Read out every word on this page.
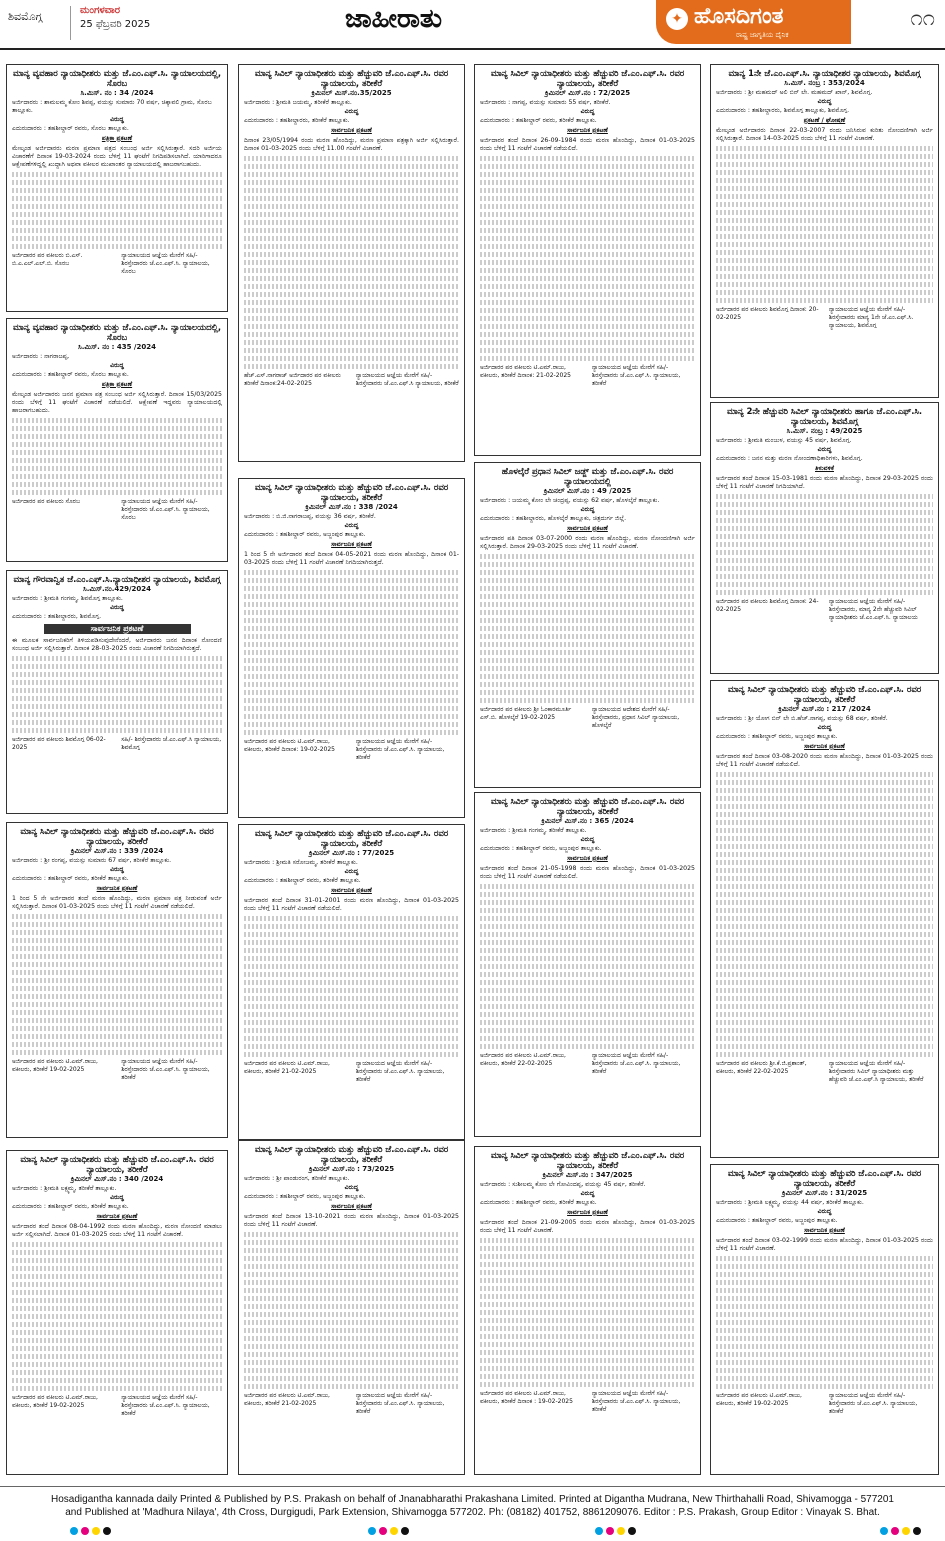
ಶಿವಮೊಗ್ಗ	ಮಂಗಳವಾರ
25 ಫೆಬ್ರವರಿ 2025	ಜಾಹೀರಾತು	✦ ಹೊಸದಿಗಂತ
ರಾಷ್ಟ್ರ ಜಾಗೃತಿಯ ದೈನಿಕ
೧೧
ಮಾನ್ಯ ವ್ಯವಹಾರ ನ್ಯಾಯಾಧೀಶರು ಮತ್ತು ಜೆ.ಎಂ.ಎಫ್.ಸಿ. ನ್ಯಾಯಾಲಯದಲ್ಲಿ, ಸೊರಬ
ಸಿ.ಮಿಸ್. ನಂ : 34 /2024
ಅರ್ಜಿದಾರರು : ಶಾಮಲಮ್ಮ ಕೋಂ ಶಿವಪ್ಪ, ವಯಸ್ಸು ಸುಮಾರು 70 ವರ್ಷ, ಚಿಕ್ಕಾವಲಿ ಗ್ರಾಮ, ಸೊರಬ ತಾಲ್ಲೂಕು.
ವಿರುದ್ಧ
ಎದುರುದಾರರು : ತಹಶೀಲ್ದಾರ್ ರವರು, ಸೊರಬ ತಾಲ್ಲೂಕು.
ಪತ್ರಿಕಾ ಪ್ರಕಟಣೆ
ಮೇಲ್ಕಂಡ ಅರ್ಜಿದಾರರು ಮರಣ ಪ್ರಮಾಣ ಪತ್ರದ ಸಂಬಂಧ ಅರ್ಜಿ ಸಲ್ಲಿಸಿರುತ್ತಾರೆ. ಸದರಿ ಅರ್ಜಿಯ ವಿಚಾರಣೆಗೆ ದಿನಾಂಕ 19-03-2024 ರಂದು ಬೆಳಿಗ್ಗೆ 11 ಘಂಟೆಗೆ ನಿಗದಿಪಡಿಸಲಾಗಿದೆ. ಯಾರಿಗಾದರೂ ಆಕ್ಷೇಪಣೆಗಳಿದ್ದಲ್ಲಿ ಖುದ್ದಾಗಿ ಅಥವಾ ವಕೀಲರ ಮುಖಾಂತರ ನ್ಯಾಯಾಲಯದಲ್ಲಿ ಹಾಜರಾಗಬಹುದು.
ಅರ್ಜಿದಾರರ ಪರ ವಕೀಲರು ಬಿ.ಎಸ್. ಬಿ.ಎ.ಎಲ್.ಎಲ್.ಬಿ. ಸೊರಬ
ನ್ಯಾಯಾಲಯದ ಆಜ್ಞೆಯ ಮೇರೆಗೆ ಸಹಿ/- ಶಿರಸ್ತೇದಾರರು ಜೆ.ಎಂ.ಎಫ್.ಸಿ. ನ್ಯಾಯಾಲಯ, ಸೊರಬ
ಮಾನ್ಯ ವ್ಯವಹಾರ ನ್ಯಾಯಾಧೀಶರು ಮತ್ತು ಜೆ.ಎಂ.ಎಫ್.ಸಿ. ನ್ಯಾಯಾಲಯದಲ್ಲಿ, ಸೊರಬ
ಸಿ.ಮಿಸ್. ನಂ : 435 /2024
ಅರ್ಜಿದಾರರು : ನಾಗರಾಜಪ್ಪ,
ವಿರುದ್ಧ
ಎದುರುದಾರರು : ತಹಶೀಲ್ದಾರ್ ರವರು, ಸೊರಬ ತಾಲ್ಲೂಕು.
ಪತ್ರಿಕಾ ಪ್ರಕಟಣೆ
ಮೇಲ್ಕಂಡ ಅರ್ಜಿದಾರರು ಜನನ ಪ್ರಮಾಣ ಪತ್ರ ಸಂಬಂಧ ಅರ್ಜಿ ಸಲ್ಲಿಸಿರುತ್ತಾರೆ. ದಿನಾಂಕ 15/03/2025 ರಂದು ಬೆಳಿಗ್ಗೆ 11 ಘಂಟೆಗೆ ವಿಚಾರಣೆ ನಡೆಯಲಿದೆ. ಆಕ್ಷೇಪಣೆ ಇದ್ದವರು ನ್ಯಾಯಾಲಯದಲ್ಲಿ ಹಾಜರಾಗಬಹುದು.
ಅರ್ಜಿದಾರರ ಪರ ವಕೀಲರು ಸೊರಬ	ನ್ಯಾಯಾಲಯದ ಆಜ್ಞೆಯ ಮೇರೆಗೆ ಸಹಿ/- ಶಿರಸ್ತೇದಾರರು ಜೆ.ಎಂ.ಎಫ್.ಸಿ. ನ್ಯಾಯಾಲಯ, ಸೊರಬ
ಮಾನ್ಯ ಗೌರವಾನ್ವಿತ ಜೆ.ಎಂ.ಎಫ್.ಸಿ.ನ್ಯಾಯಾಧೀಶರ ನ್ಯಾಯಾಲಯ, ಶಿವಮೊಗ್ಗ
ಸಿ.ಮಿಸ್.ನಂ.429/2024
ಅರ್ಜಿದಾರರು : ಶ್ರೀಮತಿ ಗಂಗಮ್ಮ, ಶಿವಮೊಗ್ಗ ತಾಲ್ಲೂಕು.
ವಿರುದ್ಧ
ಎದುರುದಾರರು : ತಹಶೀಲ್ದಾರರು, ಶಿವಮೊಗ್ಗ.
ಸಾರ್ವಜನಿಕ ಪ್ರಕಟಣೆ
ಈ ಮೂಲಕ ಸಾರ್ವಜನಿಕರಿಗೆ ತಿಳಿಯಪಡಿಸುವುದೇನೆಂದರೆ, ಅರ್ಜಿದಾರರು ಜನನ ದಿನಾಂಕ ನೋಂದಣಿ ಸಂಬಂಧ ಅರ್ಜಿ ಸಲ್ಲಿಸಿರುತ್ತಾರೆ. ದಿನಾಂಕ 28-03-2025 ರಂದು ವಿಚಾರಣೆ ನಿಗದಿಯಾಗಿರುತ್ತದೆ.
ಅರ್ಜಿದಾರರ ಪರ ವಕೀಲರು ಶಿವಮೊಗ್ಗ 06-02-2025
ಸಹಿ/- ಶಿರಸ್ತೇದಾರರು ಜೆ.ಎಂ.ಎಫ್.ಸಿ ನ್ಯಾಯಾಲಯ, ಶಿವಮೊಗ್ಗ
ಮಾನ್ಯ ಸಿವಿಲ್ ನ್ಯಾಯಾಧೀಶರು ಮತ್ತು ಹೆಚ್ಚುವರಿ ಜೆ.ಎಂ.ಎಫ್.ಸಿ. ರವರ ನ್ಯಾಯಾಲಯ, ತರೀಕೆರೆ
ಕ್ರಿಮಿನಲ್ ಮಿಸ್.ನಂ : 339 /2024
ಅರ್ಜಿದಾರರು : ಶ್ರೀ ರಂಗಪ್ಪ, ವಯಸ್ಸು ಸುಮಾರು 67 ವರ್ಷ, ತರೀಕೆರೆ ತಾಲ್ಲೂಕು.
ವಿರುದ್ಧ
ಎದುರುದಾರರು : ತಹಶೀಲ್ದಾರ್ ರವರು, ತರೀಕೆರೆ ತಾಲ್ಲೂಕು.
ಸಾರ್ವಜನಿಕ ಪ್ರಕಟಣೆ
1 ರಿಂದ 5 ನೇ ಅರ್ಜಿದಾರರ ತಂದೆ ಮರಣ ಹೊಂದಿದ್ದು, ಮರಣ ಪ್ರಮಾಣ ಪತ್ರ ನೀಡುವಂತೆ ಅರ್ಜಿ ಸಲ್ಲಿಸಿರುತ್ತಾರೆ. ದಿನಾಂಕ 01-03-2025 ರಂದು ಬೆಳಿಗ್ಗೆ 11 ಗಂಟೆಗೆ ವಿಚಾರಣೆ ನಡೆಯಲಿದೆ.
ಅರ್ಜಿದಾರರ ಪರ ವಕೀಲರು ಟಿ.ಎಮ್.ರಾಜು, ವಕೀಲರು, ತರೀಕೆರೆ 19-02-2025
ನ್ಯಾಯಾಲಯದ ಆಜ್ಞೆಯ ಮೇರೆಗೆ ಸಹಿ/- ಶಿರಸ್ತೇದಾರರು ಜೆ.ಎಂ.ಎಫ್.ಸಿ. ನ್ಯಾಯಾಲಯ, ತರೀಕೆರೆ
ಮಾನ್ಯ ಸಿವಿಲ್ ನ್ಯಾಯಾಧೀಶರು ಮತ್ತು ಹೆಚ್ಚುವರಿ ಜೆ.ಎಂ.ಎಫ್.ಸಿ. ರವರ ನ್ಯಾಯಾಲಯ, ತರೀಕೆರೆ
ಕ್ರಿಮಿನಲ್ ಮಿಸ್.ನಂ : 340 /2024
ಅರ್ಜಿದಾರರು : ಶ್ರೀಮತಿ ಲಕ್ಷ್ಮಮ್ಮ, ತರೀಕೆರೆ ತಾಲ್ಲೂಕು.
ವಿರುದ್ಧ
ಎದುರುದಾರರು : ತಹಶೀಲ್ದಾರ್ ರವರು, ತರೀಕೆರೆ ತಾಲ್ಲೂಕು.
ಸಾರ್ವಜನಿಕ ಪ್ರಕಟಣೆ
ಅರ್ಜಿದಾರರ ತಂದೆ ದಿನಾಂಕ 08-04-1992 ರಂದು ಮರಣ ಹೊಂದಿದ್ದು, ಮರಣ ನೋಂದಣಿ ಮಾಡಲು ಅರ್ಜಿ ಸಲ್ಲಿಸಲಾಗಿದೆ. ದಿನಾಂಕ 01-03-2025 ರಂದು ಬೆಳಿಗ್ಗೆ 11 ಗಂಟೆಗೆ ವಿಚಾರಣೆ.
ಅರ್ಜಿದಾರರ ಪರ ವಕೀಲರು ಟಿ.ಎಮ್.ರಾಜು, ವಕೀಲರು, ತರೀಕೆರೆ 19-02-2025
ನ್ಯಾಯಾಲಯದ ಆಜ್ಞೆಯ ಮೇರೆಗೆ ಸಹಿ/- ಶಿರಸ್ತೇದಾರರು ಜೆ.ಎಂ.ಎಫ್.ಸಿ. ನ್ಯಾಯಾಲಯ, ತರೀಕೆರೆ
ಮಾನ್ಯ ಸಿವಿಲ್ ನ್ಯಾಯಾಧೀಶರು ಮತ್ತು ಹೆಚ್ಚುವರಿ ಜೆ.ಎಂ.ಎಫ್.ಸಿ. ರವರ ನ್ಯಾಯಾಲಯ, ತರೀಕೆರೆ
ಕ್ರಿಮಿನಲ್ ಮಿಸ್.ನಂ.35/2025
ಅರ್ಜಿದಾರರು : ಶ್ರೀಮತಿ ಜಯಮ್ಮ, ತರೀಕೆರೆ ತಾಲ್ಲೂಕು.
ವಿರುದ್ಧ
ಎದುರುದಾರರು : ತಹಶೀಲ್ದಾರರು, ತರೀಕೆರೆ ತಾಲ್ಲೂಕು.
ಸಾರ್ವಜನಿಕ ಪ್ರಕಟಣೆ
ದಿನಾಂಕ 23/05/1994 ರಂದು ಮರಣ ಹೊಂದಿದ್ದು, ಮರಣ ಪ್ರಮಾಣ ಪತ್ರಕ್ಕಾಗಿ ಅರ್ಜಿ ಸಲ್ಲಿಸಿರುತ್ತಾರೆ. ದಿನಾಂಕ 01-03-2025 ರಂದು ಬೆಳಿಗ್ಗೆ 11.00 ಗಂಟೆಗೆ ವಿಚಾರಣೆ.
ಹೆಚ್.ಎಸ್.ನಾಗರಾಜ್ ಅರ್ಜಿದಾರರ ಪರ ವಕೀಲರು ತರೀಕೆರೆ ದಿನಾಂಕ:24-02-2025
ನ್ಯಾಯಾಲಯದ ಆಜ್ಞೆಯ ಮೇರೆಗೆ ಸಹಿ/- ಶಿರಸ್ತೇದಾರರು ಜೆ.ಎಂ.ಎಫ್.ಸಿ ನ್ಯಾಯಾಲಯ, ತರೀಕೆರೆ
ಮಾನ್ಯ ಸಿವಿಲ್ ನ್ಯಾಯಾಧೀಶರು ಮತ್ತು ಹೆಚ್ಚುವರಿ ಜೆ.ಎಂ.ಎಫ್.ಸಿ. ರವರ ನ್ಯಾಯಾಲಯ, ತರೀಕೆರೆ
ಕ್ರಿಮಿನಲ್ ಮಿಸ್.ನಂ : 338 /2024
ಅರ್ಜಿದಾರರು : ಬಿ.ಜಿ.ನಾಗರಾಜಪ್ಪ, ವಯಸ್ಸು 36 ವರ್ಷ, ತರೀಕೆರೆ.
ವಿರುದ್ಧ
ಎದುರುದಾರರು : ತಹಶೀಲ್ದಾರ್ ರವರು, ಅಜ್ಜಂಪುರ ತಾಲ್ಲೂಕು.
ಸಾರ್ವಜನಿಕ ಪ್ರಕಟಣೆ
1 ರಿಂದ 5 ನೇ ಅರ್ಜಿದಾರರ ತಂದೆ ದಿನಾಂಕ 04-05-2021 ರಂದು ಮರಣ ಹೊಂದಿದ್ದು, ದಿನಾಂಕ 01-03-2025 ರಂದು ಬೆಳಿಗ್ಗೆ 11 ಗಂಟೆಗೆ ವಿಚಾರಣೆ ನಿಗದಿಯಾಗಿರುತ್ತದೆ.
ಅರ್ಜಿದಾರರ ಪರ ವಕೀಲರು ಟಿ.ಎಮ್.ರಾಜು, ವಕೀಲರು, ತರೀಕೆರೆ ದಿನಾಂಕ: 19-02-2025
ನ್ಯಾಯಾಲಯದ ಆಜ್ಞೆಯ ಮೇರೆಗೆ ಸಹಿ/- ಶಿರಸ್ತೇದಾರರು ಜೆ.ಎಂ.ಎಫ್.ಸಿ. ನ್ಯಾಯಾಲಯ, ತರೀಕೆರೆ
ಮಾನ್ಯ ಸಿವಿಲ್ ನ್ಯಾಯಾಧೀಶರು ಮತ್ತು ಹೆಚ್ಚುವರಿ ಜೆ.ಎಂ.ಎಫ್.ಸಿ. ರವರ ನ್ಯಾಯಾಲಯ, ತರೀಕೆರೆ
ಕ್ರಿಮಿನಲ್ ಮಿಸ್.ನಂ : 77/2025
ಅರ್ಜಿದಾರರು : ಶ್ರೀಮತಿ ಸರೋಜಮ್ಮ, ತರೀಕೆರೆ ತಾಲ್ಲೂಕು.
ವಿರುದ್ಧ
ಎದುರುದಾರರು : ತಹಶೀಲ್ದಾರ್ ರವರು, ತರೀಕೆರೆ ತಾಲ್ಲೂಕು.
ಸಾರ್ವಜನಿಕ ಪ್ರಕಟಣೆ
ಅರ್ಜಿದಾರರ ತಂದೆ ದಿನಾಂಕ 31-01-2001 ರಂದು ಮರಣ ಹೊಂದಿದ್ದು, ದಿನಾಂಕ 01-03-2025 ರಂದು ಬೆಳಿಗ್ಗೆ 11 ಗಂಟೆಗೆ ವಿಚಾರಣೆ ನಡೆಯಲಿದೆ.
ಅರ್ಜಿದಾರರ ಪರ ವಕೀಲರು ಟಿ.ಎಮ್.ರಾಜು, ವಕೀಲರು, ತರೀಕೆರೆ 21-02-2025
ನ್ಯಾಯಾಲಯದ ಆಜ್ಞೆಯ ಮೇರೆಗೆ ಸಹಿ/- ಶಿರಸ್ತೇದಾರರು ಜೆ.ಎಂ.ಎಫ್.ಸಿ. ನ್ಯಾಯಾಲಯ, ತರೀಕೆರೆ
ಮಾನ್ಯ ಸಿವಿಲ್ ನ್ಯಾಯಾಧೀಶರು ಮತ್ತು ಹೆಚ್ಚುವರಿ ಜೆ.ಎಂ.ಎಫ್.ಸಿ. ರವರ ನ್ಯಾಯಾಲಯ, ತರೀಕೆರೆ
ಕ್ರಿಮಿನಲ್ ಮಿಸ್.ನಂ : 73/2025
ಅರ್ಜಿದಾರರು : ಶ್ರೀ ಪಾಂಡುರಂಗ, ತರೀಕೆರೆ ತಾಲ್ಲೂಕು.
ವಿರುದ್ಧ
ಎದುರುದಾರರು : ತಹಶೀಲ್ದಾರ್ ರವರು, ಅಜ್ಜಂಪುರ ತಾಲ್ಲೂಕು.
ಸಾರ್ವಜನಿಕ ಪ್ರಕಟಣೆ
ಅರ್ಜಿದಾರರ ತಂದೆ ದಿನಾಂಕ 13-10-2021 ರಂದು ಮರಣ ಹೊಂದಿದ್ದು, ದಿನಾಂಕ 01-03-2025 ರಂದು ಬೆಳಿಗ್ಗೆ 11 ಗಂಟೆಗೆ ವಿಚಾರಣೆ.
ಅರ್ಜಿದಾರರ ಪರ ವಕೀಲರು ಟಿ.ಎಮ್.ರಾಜು, ವಕೀಲರು, ತರೀಕೆರೆ 21-02-2025
ನ್ಯಾಯಾಲಯದ ಆಜ್ಞೆಯ ಮೇರೆಗೆ ಸಹಿ/- ಶಿರಸ್ತೇದಾರರು ಜೆ.ಎಂ.ಎಫ್.ಸಿ. ನ್ಯಾಯಾಲಯ, ತರೀಕೆರೆ
ಮಾನ್ಯ ಸಿವಿಲ್ ನ್ಯಾಯಾಧೀಶರು ಮತ್ತು ಹೆಚ್ಚುವರಿ ಜೆ.ಎಂ.ಎಫ್.ಸಿ. ರವರ ನ್ಯಾಯಾಲಯ, ತರೀಕೆರೆ
ಕ್ರಿಮಿನಲ್ ಮಿಸ್.ನಂ : 72/2025
ಅರ್ಜಿದಾರರು : ನಾಗಪ್ಪ, ವಯಸ್ಸು ಸುಮಾರು 55 ವರ್ಷ, ತರೀಕೆರೆ.
ವಿರುದ್ಧ
ಎದುರುದಾರರು : ತಹಶೀಲ್ದಾರ್ ರವರು, ತರೀಕೆರೆ ತಾಲ್ಲೂಕು.
ಸಾರ್ವಜನಿಕ ಪ್ರಕಟಣೆ
ಅರ್ಜಿದಾರರ ತಂದೆ ದಿನಾಂಕ 26-09-1984 ರಂದು ಮರಣ ಹೊಂದಿದ್ದು, ದಿನಾಂಕ 01-03-2025 ರಂದು ಬೆಳಿಗ್ಗೆ 11 ಗಂಟೆಗೆ ವಿಚಾರಣೆ ನಡೆಯಲಿದೆ.
ಅರ್ಜಿದಾರರ ಪರ ವಕೀಲರು ಟಿ.ಎಮ್.ರಾಜು, ವಕೀಲರು, ತರೀಕೆರೆ ದಿನಾಂಕ: 21-02-2025
ನ್ಯಾಯಾಲಯದ ಆಜ್ಞೆಯ ಮೇರೆಗೆ ಸಹಿ/- ಶಿರಸ್ತೇದಾರರು ಜೆ.ಎಂ.ಎಫ್.ಸಿ. ನ್ಯಾಯಾಲಯ, ತರೀಕೆರೆ
ಹೊಳಲ್ಕೆರೆ ಪ್ರಧಾನ ಸಿವಿಲ್ ಜಡ್ಜ್ ಮತ್ತು ಜೆ.ಎಂ.ಎಫ್.ಸಿ. ರವರ ನ್ಯಾಯಾಲಯದಲ್ಲಿ
ಕ್ರಿಮಿನಲ್ ಮಿಸ್.ನಂ : 49 /2025
ಅರ್ಜಿದಾರರು : ಜಯಮ್ಮ ಕೋಂ ಲೇ ಚಂದ್ರಪ್ಪ, ವಯಸ್ಸು 62 ವರ್ಷ, ಹೊಳಲ್ಕೆರೆ ತಾಲ್ಲೂಕು.
ವಿರುದ್ಧ
ಎದುರುದಾರರು : ತಹಶೀಲ್ದಾರರು, ಹೊಳಲ್ಕೆರೆ ತಾಲ್ಲೂಕು, ಚಿತ್ರದುರ್ಗ ಜಿಲ್ಲೆ.
ಸಾರ್ವಜನಿಕ ಪ್ರಕಟಣೆ
ಅರ್ಜಿದಾರರ ಪತಿ ದಿನಾಂಕ 03-07-2000 ರಂದು ಮರಣ ಹೊಂದಿದ್ದು, ಮರಣ ನೋಂದಣಿಗಾಗಿ ಅರ್ಜಿ ಸಲ್ಲಿಸಿರುತ್ತಾರೆ. ದಿನಾಂಕ 29-03-2025 ರಂದು ಬೆಳಿಗ್ಗೆ 11 ಗಂಟೆಗೆ ವಿಚಾರಣೆ.
ಅರ್ಜಿದಾರರ ಪರ ವಕೀಲರು ಶ್ರೀ ಓಂಕಾರಮೂರ್ತಿ ಎಸ್.ಬಿ. ಹೊಳಲ್ಕೆರೆ 19-02-2025
ನ್ಯಾಯಾಲಯದ ಆದೇಶದ ಮೇರೆಗೆ ಸಹಿ/- ಶಿರಸ್ತೇದಾರರು, ಪ್ರಧಾನ ಸಿವಿಲ್ ನ್ಯಾಯಾಲಯ, ಹೊಳಲ್ಕೆರೆ
ಮಾನ್ಯ ಸಿವಿಲ್ ನ್ಯಾಯಾಧೀಶರು ಮತ್ತು ಹೆಚ್ಚುವರಿ ಜೆ.ಎಂ.ಎಫ್.ಸಿ. ರವರ ನ್ಯಾಯಾಲಯ, ತರೀಕೆರೆ
ಕ್ರಿಮಿನಲ್ ಮಿಸ್.ನಂ : 365 /2024
ಅರ್ಜಿದಾರರು : ಶ್ರೀಮತಿ ಗಂಗಮ್ಮ, ತರೀಕೆರೆ ತಾಲ್ಲೂಕು.
ವಿರುದ್ಧ
ಎದುರುದಾರರು : ತಹಶೀಲ್ದಾರ್ ರವರು, ಅಜ್ಜಂಪುರ ತಾಲ್ಲೂಕು.
ಸಾರ್ವಜನಿಕ ಪ್ರಕಟಣೆ
ಅರ್ಜಿದಾರರ ತಂದೆ ದಿನಾಂಕ 21-05-1998 ರಂದು ಮರಣ ಹೊಂದಿದ್ದು, ದಿನಾಂಕ 01-03-2025 ರಂದು ಬೆಳಿಗ್ಗೆ 11 ಗಂಟೆಗೆ ವಿಚಾರಣೆ ನಡೆಯಲಿದೆ.
ಅರ್ಜಿದಾರರ ಪರ ವಕೀಲರು ಟಿ.ಎಮ್.ರಾಜು, ವಕೀಲರು, ತರೀಕೆರೆ 22-02-2025
ನ್ಯಾಯಾಲಯದ ಆಜ್ಞೆಯ ಮೇರೆಗೆ ಸಹಿ/- ಶಿರಸ್ತೇದಾರರು ಜೆ.ಎಂ.ಎಫ್.ಸಿ. ನ್ಯಾಯಾಲಯ, ತರೀಕೆರೆ
ಮಾನ್ಯ ಸಿವಿಲ್ ನ್ಯಾಯಾಧೀಶರು ಮತ್ತು ಹೆಚ್ಚುವರಿ ಜೆ.ಎಂ.ಎಫ್.ಸಿ. ರವರ ನ್ಯಾಯಾಲಯ, ತರೀಕೆರೆ
ಕ್ರಿಮಿನಲ್ ಮಿಸ್.ನಂ : 347/2025
ಅರ್ಜಿದಾರರು : ಸುಶೀಲಮ್ಮ ಕೋಂ ಲೇ ಗೋವಿಂದಪ್ಪ, ವಯಸ್ಸು 45 ವರ್ಷ, ತರೀಕೆರೆ.
ವಿರುದ್ಧ
ಎದುರುದಾರರು : ತಹಶೀಲ್ದಾರ್ ರವರು, ತರೀಕೆರೆ ತಾಲ್ಲೂಕು.
ಸಾರ್ವಜನಿಕ ಪ್ರಕಟಣೆ
ಅರ್ಜಿದಾರರ ತಂದೆ ದಿನಾಂಕ 21-09-2005 ರಂದು ಮರಣ ಹೊಂದಿದ್ದು, ದಿನಾಂಕ 01-03-2025 ರಂದು ಬೆಳಿಗ್ಗೆ 11 ಗಂಟೆಗೆ ವಿಚಾರಣೆ.
ಅರ್ಜಿದಾರರ ಪರ ವಕೀಲರು ಟಿ.ಎಮ್.ರಾಜು, ವಕೀಲರು, ತರೀಕೆರೆ ದಿನಾಂಕ : 19-02-2025
ನ್ಯಾಯಾಲಯದ ಆಜ್ಞೆಯ ಮೇರೆಗೆ ಸಹಿ/- ಶಿರಸ್ತೇದಾರರು ಜೆ.ಎಂ.ಎಫ್.ಸಿ. ನ್ಯಾಯಾಲಯ, ತರೀಕೆರೆ
ಮಾನ್ಯ 1ನೇ ಜೆ.ಎಂ.ಎಫ್.ಸಿ. ನ್ಯಾಯಾಧೀಶರ ನ್ಯಾಯಾಲಯ, ಶಿವಮೊಗ್ಗ
ಸಿ.ಮಿಸ್. ನಂಬ್ರ : 353/2024
ಅರ್ಜಿದಾರರು : ಶ್ರೀ ಮಹಮದ್ ಅಲಿ ಬಿನ್ ಲೇ. ಮಹಮದ್ ಖಾನ್, ಶಿವಮೊಗ್ಗ.
ವಿರುದ್ಧ
ಎದುರುದಾರರು : ತಹಶೀಲ್ದಾರರು, ಶಿವಮೊಗ್ಗ ತಾಲ್ಲೂಕು, ಶಿವಮೊಗ್ಗ.
ಪ್ರಕಟಣೆ / ಘೋಷಣೆ
ಮೇಲ್ಕಂಡ ಅರ್ಜಿದಾರರು ದಿನಾಂಕ 22-03-2007 ರಂದು ಜನಿಸಿರುವ ಕುರಿತು ನೋಂದಣಿಗಾಗಿ ಅರ್ಜಿ ಸಲ್ಲಿಸಿರುತ್ತಾರೆ. ದಿನಾಂಕ 14-03-2025 ರಂದು ಬೆಳಿಗ್ಗೆ 11 ಗಂಟೆಗೆ ವಿಚಾರಣೆ.
ಅರ್ಜಿದಾರರ ಪರ ವಕೀಲರು ಶಿವಮೊಗ್ಗ ದಿನಾಂಕ: 20-02-2025
ನ್ಯಾಯಾಲಯದ ಆಜ್ಞೆಯ ಮೇರೆಗೆ ಸಹಿ/- ಶಿರಸ್ತೇದಾರರು ಮಾನ್ಯ 1ನೇ ಜೆ.ಎಂ.ಎಫ್.ಸಿ. ನ್ಯಾಯಾಲಯ, ಶಿವಮೊಗ್ಗ
ಮಾನ್ಯ 2ನೇ ಹೆಚ್ಚುವರಿ ಸಿವಿಲ್ ನ್ಯಾಯಾಧೀಶರು ಹಾಗೂ ಜೆ.ಎಂ.ಎಫ್.ಸಿ. ನ್ಯಾಯಾಲಯ, ಶಿವಮೊಗ್ಗ
ಸಿ.ಮಿಸ್. ನಂಬ್ರ : 49/2025
ಅರ್ಜಿದಾರರು : ಶ್ರೀಮತಿ ಮಂಜುಳ, ವಯಸ್ಸು 45 ವರ್ಷ, ಶಿವಮೊಗ್ಗ.
ವಿರುದ್ಧ
ಎದುರುದಾರರು : ಜನನ ಮತ್ತು ಮರಣ ನೋಂದಣಾಧಿಕಾರಿಗಳು, ಶಿವಮೊಗ್ಗ.
ತಿಳುವಳಿಕೆ
ಅರ್ಜಿದಾರರ ತಂದೆ ದಿನಾಂಕ 15-03-1981 ರಂದು ಮರಣ ಹೊಂದಿದ್ದು, ದಿನಾಂಕ 29-03-2025 ರಂದು ಬೆಳಿಗ್ಗೆ 11 ಗಂಟೆಗೆ ವಿಚಾರಣೆ ನಿಗದಿಯಾಗಿದೆ.
ಅರ್ಜಿದಾರರ ಪರ ವಕೀಲರು ಶಿವಮೊಗ್ಗ ದಿನಾಂಕ: 24-02-2025
ನ್ಯಾಯಾಲಯದ ಆಜ್ಞೆಯ ಮೇರೆಗೆ ಸಹಿ/- ಶಿರಸ್ತೇದಾರರು, ಮಾನ್ಯ 2ನೇ ಹೆಚ್ಚುವರಿ ಸಿವಿಲ್ ನ್ಯಾಯಾಧೀಶರು ಜೆ.ಎಂ.ಎಫ್.ಸಿ. ನ್ಯಾಯಾಲಯ
ಮಾನ್ಯ ಸಿವಿಲ್ ನ್ಯಾಯಾಧೀಶರು ಮತ್ತು ಹೆಚ್ಚುವರಿ ಜೆ.ಎಂ.ಎಫ್.ಸಿ. ರವರ ನ್ಯಾಯಾಲಯ, ತರೀಕೆರೆ
ಕ್ರಿಮಿನಲ್ ಮಿಸ್.ನಂ : 217 /2024
ಅರ್ಜಿದಾರರು : ಶ್ರೀ ಯೋಗ ಬಿನ್ ಲೇ ಬಿ.ಹೆಚ್.ನಾಗಪ್ಪ, ವಯಸ್ಸು 68 ವರ್ಷ, ತರೀಕೆರೆ.
ವಿರುದ್ಧ
ಎದುರುದಾರರು : ತಹಶೀಲ್ದಾರ್ ರವರು, ಅಜ್ಜಂಪುರ ತಾಲ್ಲೂಕು.
ಸಾರ್ವಜನಿಕ ಪ್ರಕಟಣೆ
ಅರ್ಜಿದಾರರ ತಂದೆ ದಿನಾಂಕ 03-08-2020 ರಂದು ಮರಣ ಹೊಂದಿದ್ದು, ದಿನಾಂಕ 01-03-2025 ರಂದು ಬೆಳಿಗ್ಗೆ 11 ಗಂಟೆಗೆ ವಿಚಾರಣೆ ನಡೆಯಲಿದೆ.
ಅರ್ಜಿದಾರರ ಪರ ವಕೀಲರು ಶ್ರೀ.ಕೆ.ಜಿ.ಪ್ರಶಾಂತ್, ವಕೀಲರು, ತರೀಕೆರೆ 22-02-2025
ನ್ಯಾಯಾಲಯದ ಆಜ್ಞೆಯ ಮೇರೆಗೆ ಸಹಿ/- ಶಿರಸ್ತೇದಾರರು ಸಿವಿಲ್ ನ್ಯಾಯಾಧೀಶರು ಮತ್ತು ಹೆಚ್ಚುವರಿ ಜೆ.ಎಂ.ಎಫ್.ಸಿ ನ್ಯಾಯಾಲಯ, ತರೀಕೆರೆ
ಮಾನ್ಯ ಸಿವಿಲ್ ನ್ಯಾಯಾಧೀಶರು ಮತ್ತು ಹೆಚ್ಚುವರಿ ಜೆ.ಎಂ.ಎಫ್.ಸಿ. ರವರ ನ್ಯಾಯಾಲಯ, ತರೀಕೆರೆ
ಕ್ರಿಮಿನಲ್ ಮಿಸ್.ನಂ : 31/2025
ಅರ್ಜಿದಾರರು : ಶ್ರೀಮತಿ ಲಕ್ಷ್ಮಮ್ಮ, ವಯಸ್ಸು 44 ವರ್ಷ, ತರೀಕೆರೆ ತಾಲ್ಲೂಕು.
ವಿರುದ್ಧ
ಎದುರುದಾರರು : ತಹಶೀಲ್ದಾರ್ ರವರು, ಅಜ್ಜಂಪುರ ತಾಲ್ಲೂಕು.
ಸಾರ್ವಜನಿಕ ಪ್ರಕಟಣೆ
ಅರ್ಜಿದಾರರ ತಂದೆ ದಿನಾಂಕ 03-02-1999 ರಂದು ಮರಣ ಹೊಂದಿದ್ದು, ದಿನಾಂಕ 01-03-2025 ರಂದು ಬೆಳಿಗ್ಗೆ 11 ಗಂಟೆಗೆ ವಿಚಾರಣೆ.
ಅರ್ಜಿದಾರರ ಪರ ವಕೀಲರು ಟಿ.ಎಮ್.ರಾಜು, ವಕೀಲರು, ತರೀಕೆರೆ 19-02-2025
ನ್ಯಾಯಾಲಯದ ಆಜ್ಞೆಯ ಮೇರೆಗೆ ಸಹಿ/- ಶಿರಸ್ತೇದಾರರು ಜೆ.ಎಂ.ಎಫ್.ಸಿ. ನ್ಯಾಯಾಲಯ, ತರೀಕೆರೆ
Hosadigantha kannada daily Printed & Published by P.S. Prakash on behalf of Jnanabharathi Prakashana Limited. Printed at Digantha Mudrana, New Thirthahalli Road, Shivamogga - 577201
and Published at 'Madhura Nilaya', 4th Cross, Durgigudi, Park Extension, Shivamogga 577202. Ph: (08182) 401752, 8861209076. Editor : P.S. Prakash, Group Editor : Vinayak S. Bhat.
